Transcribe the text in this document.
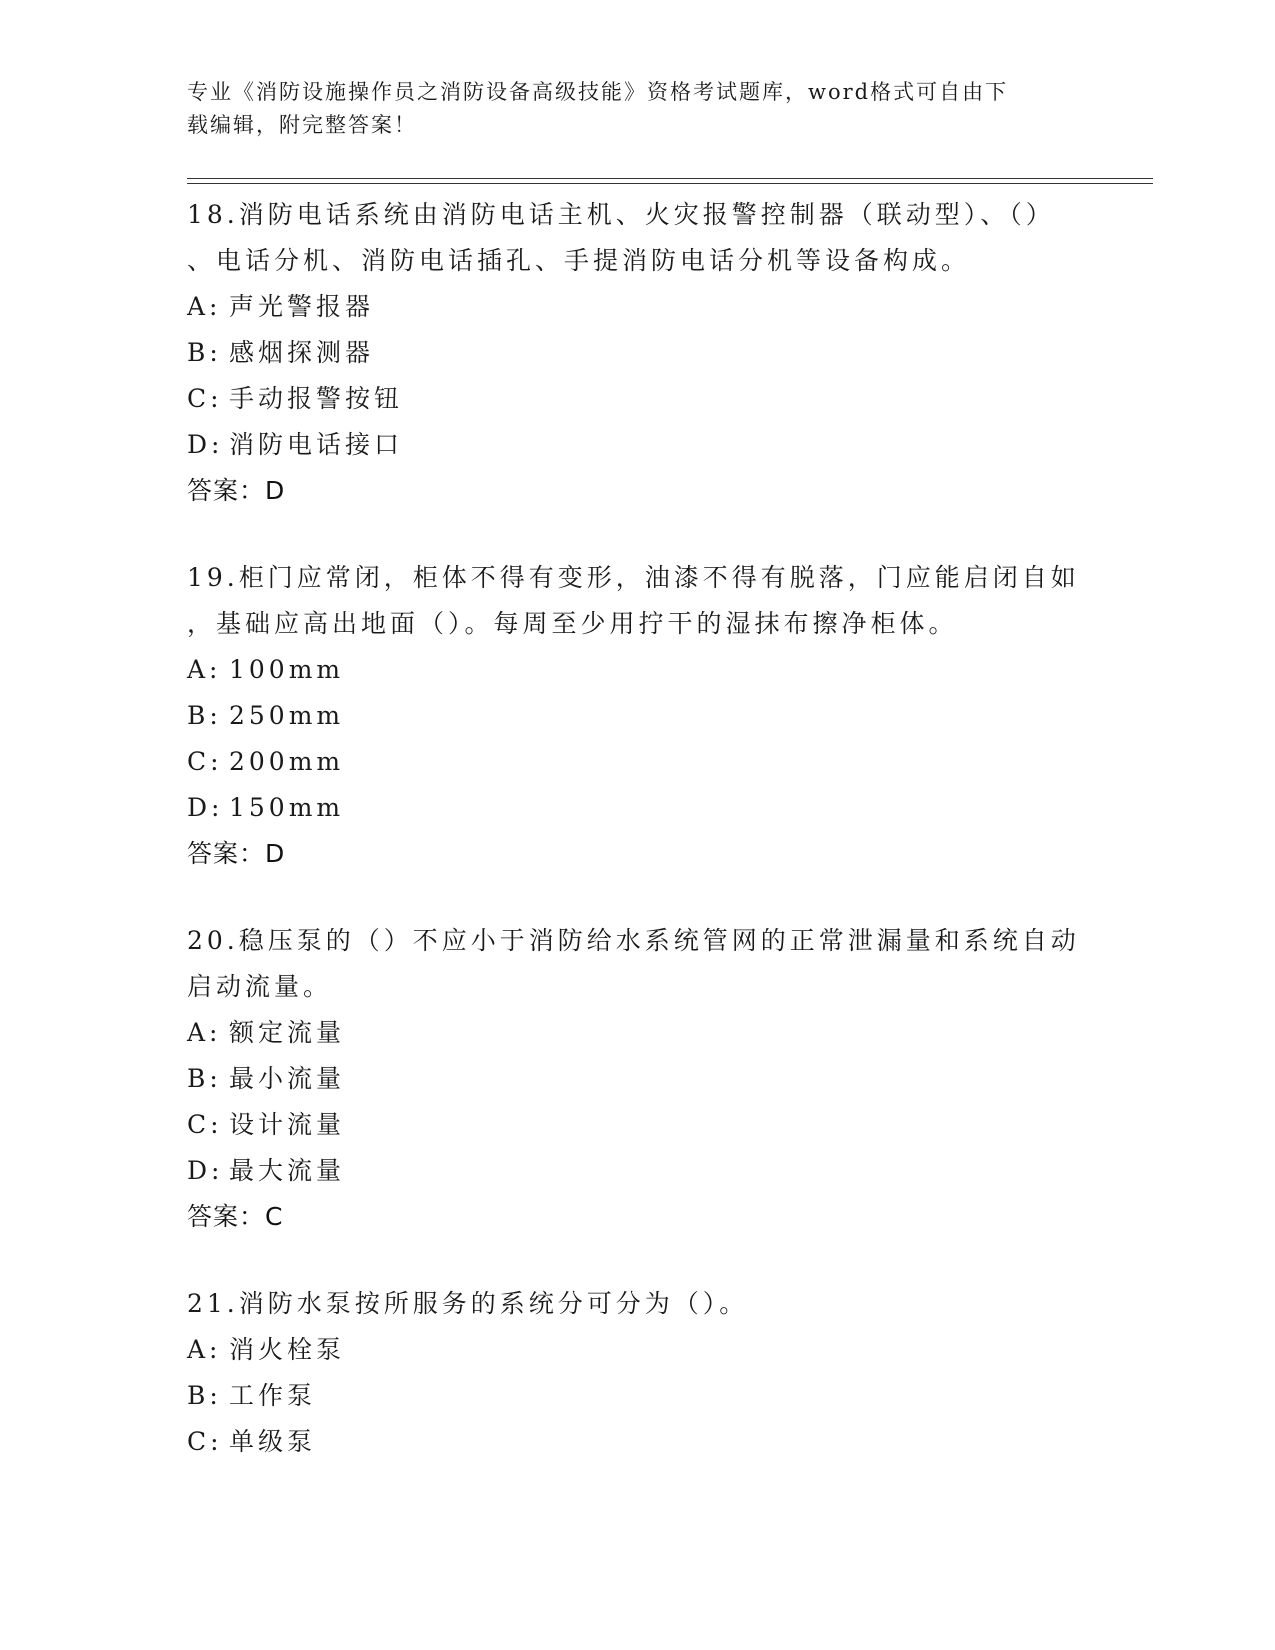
专业《消防设施操作员之消防设备高级技能》资格考试题库，word格式可自由下
载编辑，附完整答案！
18.消防电话系统由消防电话主机、火灾报警控制器（联动型）、（）
、电话分机、消防电话插孔、手提消防电话分机等设备构成。
A: 声光警报器
B: 感烟探测器
C: 手动报警按钮
D: 消防电话接口
答案：D
19.柜门应常闭，柜体不得有变形，油漆不得有脱落，门应能启闭自如
，基础应高出地面（）。每周至少用拧干的湿抹布擦净柜体。
A: 100mm
B: 250mm
C: 200mm
D: 150mm
答案：D
20.稳压泵的（）不应小于消防给水系统管网的正常泄漏量和系统自动
启动流量。
A: 额定流量
B: 最小流量
C: 设计流量
D: 最大流量
答案：C
21.消防水泵按所服务的系统分可分为（）。
A: 消火栓泵
B: 工作泵
C: 单级泵
